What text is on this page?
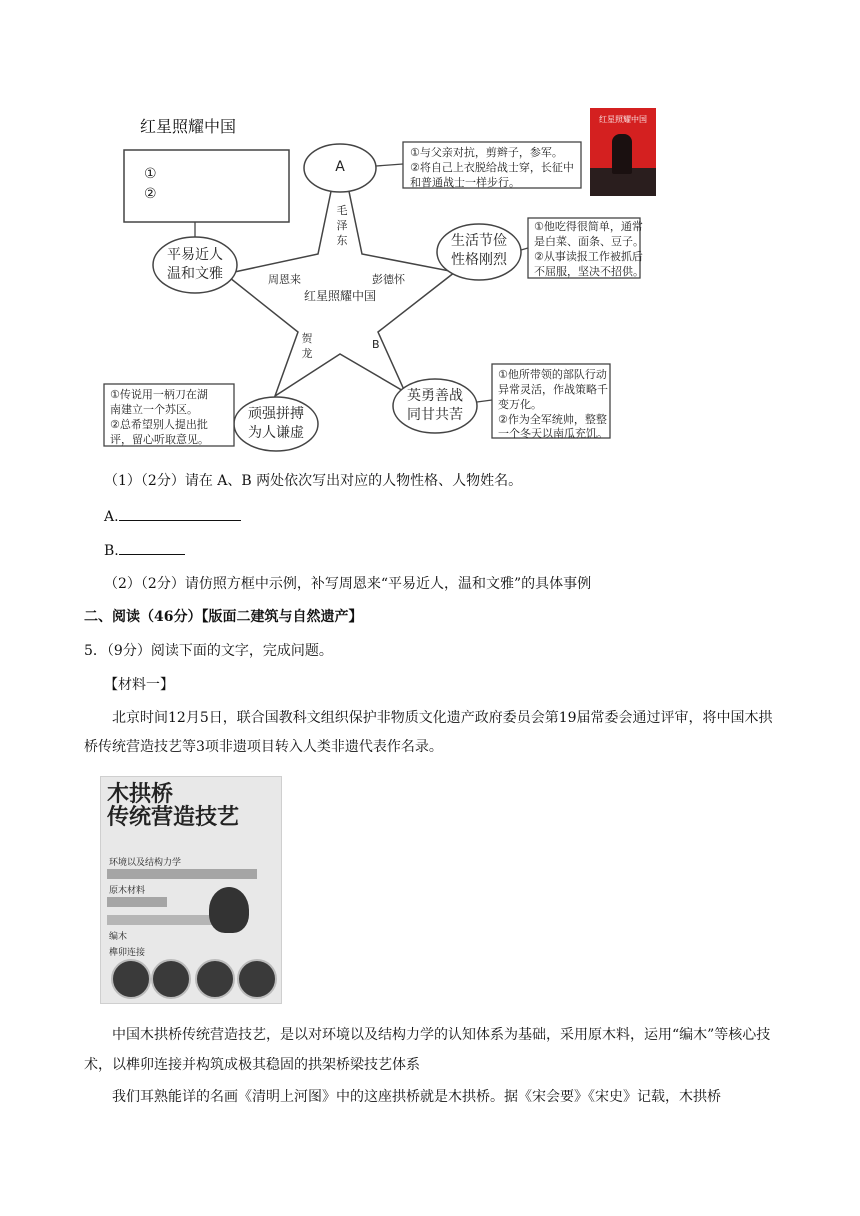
红星照耀中国	红星照耀中国
①
②
A
平易近人
温和文雅
生活节俭
性格刚烈
英勇善战
同甘共苦
顽强拼搏
为人谦虚
毛
泽
东
周恩来	彭德怀
红星照耀中国
贺
龙
B
①与父亲对抗，剪辫子，参军。
②将自己上衣脱给战士穿，长征中
和普通战士一样步行。
①他吃得很简单，通常
是白菜、面条、豆子。
②从事读报工作被抓后
不屈服，坚决不招供。
①他所带领的部队行动
异常灵活，作战策略千
变万化。
②作为全军统帅，整整
一个冬天以南瓜充饥。
①传说用一柄刀在湖
南建立一个苏区。
②总希望别人提出批
评，留心听取意见。
（1）（2分）请在 A、B 两处依次写出对应的人物性格、人物姓名。
A.
B.
（2）（2分）请仿照方框中示例，补写周恩来“平易近人，温和文雅”的具体事例
二、阅读（46分）【版面二建筑与自然遗产】
5．（9分）阅读下面的文字，完成问题。
【材料一】
北京时间12月5日，联合国教科文组织保护非物质文化遗产政府委员会第19届常委会通过评审，将中国木拱桥传统营造技艺等3项非遗项目转入人类非遗代表作名录。
木拱桥
传统营造技艺
环境以及结构力学
原木材料
编木
榫卯连接
中国木拱桥传统营造技艺，是以对环境以及结构力学的认知体系为基础，采用原木料，运用“编木”等核心技术，以榫卯连接并构筑成极其稳固的拱架桥梁技艺体系
我们耳熟能详的名画《清明上河图》中的这座拱桥就是木拱桥。据《宋会要》《宋史》记载，木拱桥
